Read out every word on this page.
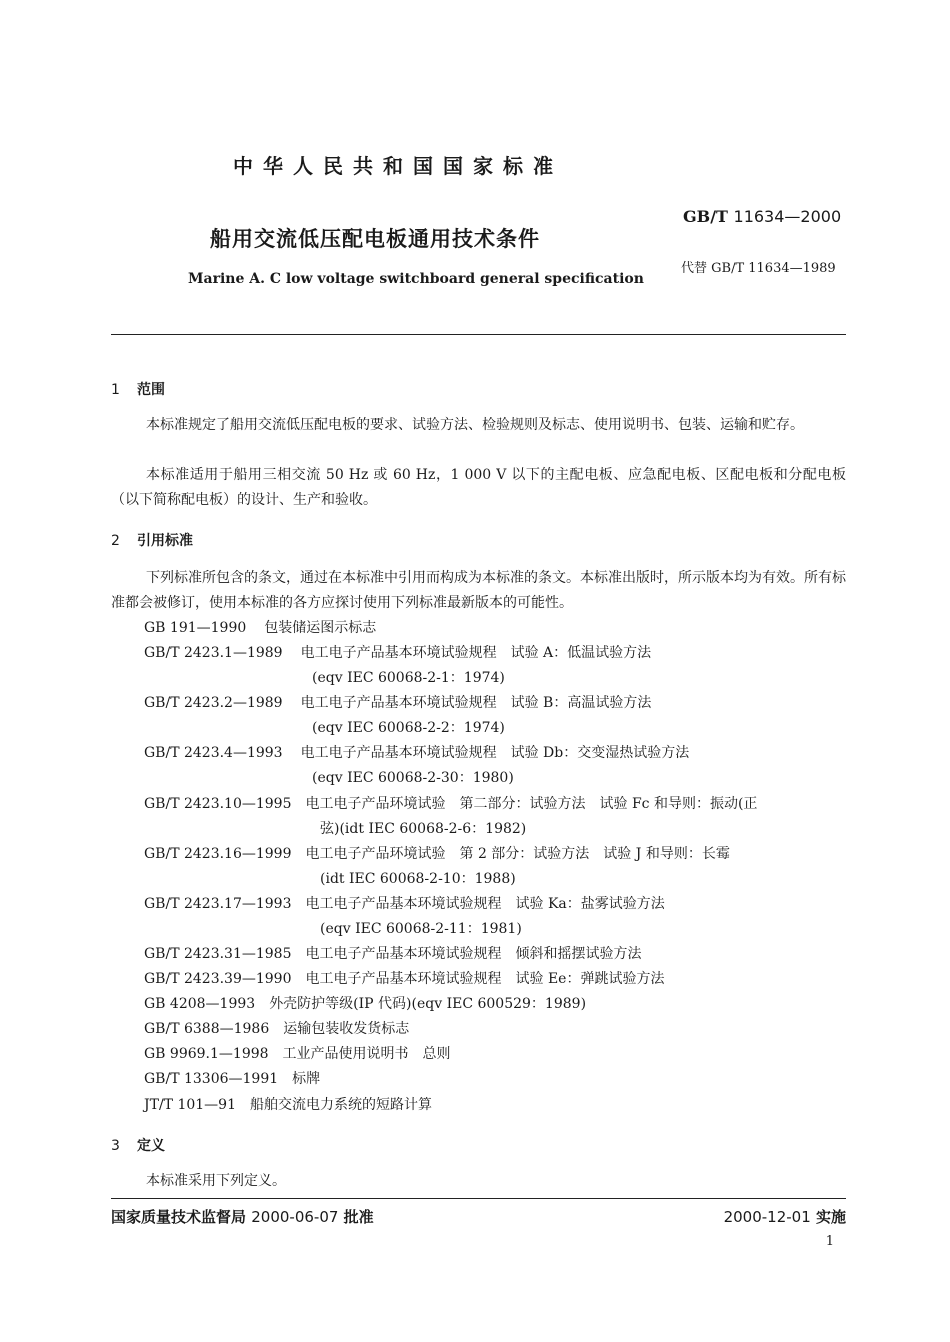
中华人民共和国国家标准
GB/T 11634—2000
代替 GB/T 11634—1989
船用交流低压配电板通用技术条件
Marine A. C low voltage switchboard general specification
1 范围
本标准规定了船用交流低压配电板的要求、试验方法、检验规则及标志、使用说明书、包装、运输和贮存。
本标准适用于船用三相交流 50 Hz 或 60 Hz，1 000 V 以下的主配电板、应急配电板、区配电板和分配电板（以下简称配电板）的设计、生产和验收。
2 引用标准
下列标准所包含的条文，通过在本标准中引用而构成为本标准的条文。本标准出版时，所示版本均为有效。所有标准都会被修订，使用本标准的各方应探讨使用下列标准最新版本的可能性。
GB 191—1990 包装储运图示标志
GB/T 2423.1—1989 电工电子产品基本环境试验规程　试验 A：低温试验方法
(eqv IEC 60068-2-1：1974)
GB/T 2423.2—1989 电工电子产品基本环境试验规程　试验 B：高温试验方法
(eqv IEC 60068-2-2：1974)
GB/T 2423.4—1993 电工电子产品基本环境试验规程　试验 Db：交变湿热试验方法
(eqv IEC 60068-2-30：1980)
GB/T 2423.10—1995 电工电子产品环境试验　第二部分：试验方法　试验 Fc 和导则：振动(正
弦)(idt IEC 60068-2-6：1982)
GB/T 2423.16—1999 电工电子产品环境试验　第 2 部分：试验方法　试验 J 和导则：长霉
(idt IEC 60068-2-10：1988)
GB/T 2423.17—1993 电工电子产品基本环境试验规程　试验 Ka：盐雾试验方法
(eqv IEC 60068-2-11：1981)
GB/T 2423.31—1985 电工电子产品基本环境试验规程　倾斜和摇摆试验方法
GB/T 2423.39—1990 电工电子产品基本环境试验规程　试验 Ee：弹跳试验方法
GB 4208—1993 外壳防护等级(IP 代码)(eqv IEC 600529：1989)
GB/T 6388—1986 运输包装收发货标志
GB 9969.1—1998 工业产品使用说明书　总则
GB/T 13306—1991 标牌
JT/T 101—91 船舶交流电力系统的短路计算
3 定义
本标准采用下列定义。
国家质量技术监督局 2000-06-07 批准	2000-12-01 实施
1
